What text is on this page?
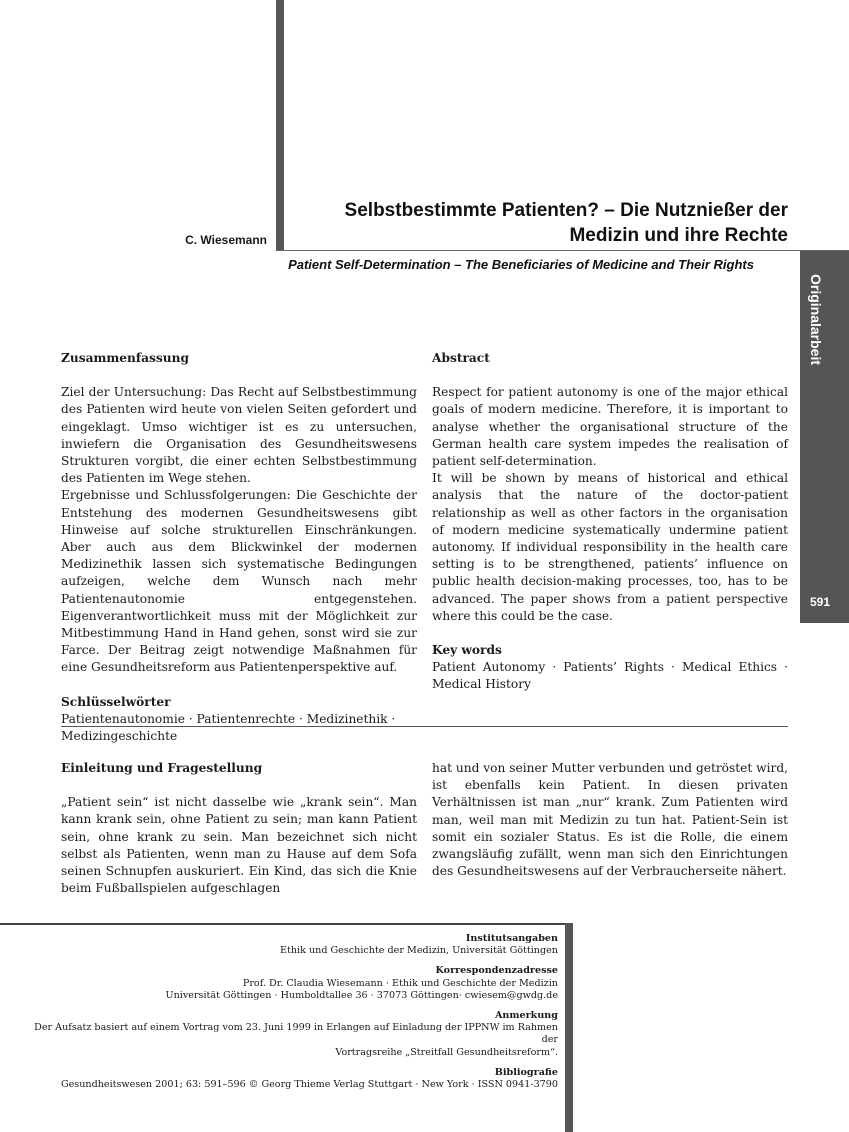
C. Wiesemann
Selbstbestimmte Patienten? – Die Nutznießer der
Medizin und ihre Rechte
Patient Self-Determination – The Beneficiaries of Medicine and Their Rights
Originalarbeit
591

Zusammenfassung

Ziel der Untersuchung: Das Recht auf Selbstbestimmung des Patienten wird heute von vielen Seiten gefordert und eingeklagt. Umso wichtiger ist es zu untersuchen, inwiefern die Organisation des Gesundheitswesens Strukturen vorgibt, die einer echten Selbstbestimmung des Patienten im Wege stehen.

Ergebnisse und Schlussfolgerungen: Die Geschichte der Entstehung des modernen Gesundheitswesens gibt Hinweise auf solche strukturellen Einschränkungen. Aber auch aus dem Blickwinkel der modernen Medizinethik lassen sich systematische Bedingungen aufzeigen, welche dem Wunsch nach mehr Patientenautonomie entgegenstehen. Eigenverantwortlichkeit muss mit der Möglichkeit zur Mitbestimmung Hand in Hand gehen, sonst wird sie zur Farce. Der Beitrag zeigt notwendige Maßnahmen für eine Gesundheitsreform aus Patientenperspektive auf.

Schlüsselwörter

Patientenautonomie · Patientenrechte · Medizinethik · Medizingeschichte

Abstract

Respect for patient autonomy is one of the major ethical goals of modern medicine. Therefore, it is important to analyse whether the organisational structure of the German health care system impedes the realisation of patient self-determination.

It will be shown by means of historical and ethical analysis that the nature of the doctor-patient relationship as well as other factors in the organisation of modern medicine systematically undermine patient autonomy. If individual responsibility in the health care setting is to be strengthened, patients’ influence on public health decision-making processes, too, has to be advanced. The paper shows from a patient perspective where this could be the case.

Key words

Patient Autonomy · Patients’ Rights · Medical Ethics · Medical History

Einleitung und Fragestellung

„Patient sein“ ist nicht dasselbe wie „krank sein“. Man kann krank sein, ohne Patient zu sein; man kann Patient sein, ohne krank zu sein. Man bezeichnet sich nicht selbst als Patienten, wenn man zu Hause auf dem Sofa seinen Schnupfen auskuriert. Ein Kind, das sich die Knie beim Fußballspielen aufgeschlagen

hat und von seiner Mutter verbunden und getröstet wird, ist ebenfalls kein Patient. In diesen privaten Verhältnissen ist man „nur“ krank. Zum Patienten wird man, weil man mit Medizin zu tun hat. Patient-Sein ist somit ein sozialer Status. Es ist die Rolle, die einem zwangsläufig zufällt, wenn man sich den Einrichtungen des Gesundheitswesens auf der Verbraucherseite nähert.

Institutsangaben
Ethik und Geschichte der Medizin, Universität Göttingen
Korrespondenzadresse
Prof. Dr. Claudia Wiesemann · Ethik und Geschichte der Medizin
Universität Göttingen · Humboldtallee 36 · 37073 Göttingen· cwiesem@gwdg.de
Anmerkung
Der Aufsatz basiert auf einem Vortrag vom 23. Juni 1999 in Erlangen auf Einladung der IPPNW im Rahmen der
Vortragsreihe „Streitfall Gesundheitsreform“.
Bibliografie
Gesundheitswesen 2001; 63: 591–596 © Georg Thieme Verlag Stuttgart · New York · ISSN 0941-3790
